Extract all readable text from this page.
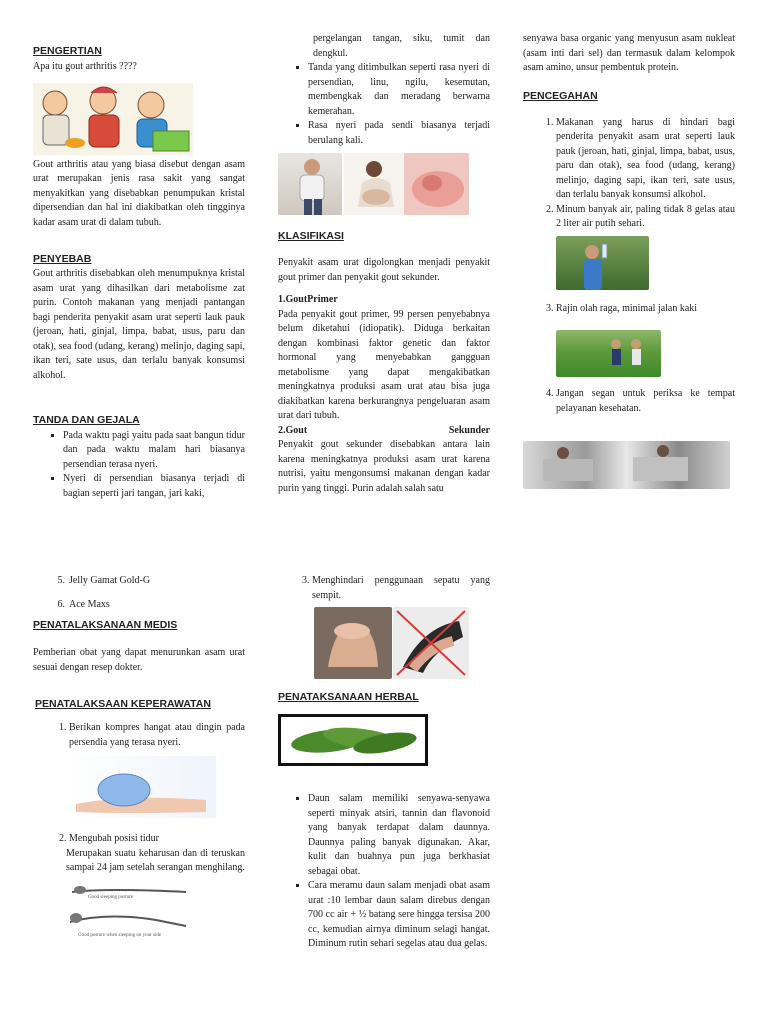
PENGERTIAN

Apa itu gout arthritis ????

Gout arthritis atau yang biasa disebut dengan asam urat merupakan jenis rasa sakit yang sangat menyakitkan yang disebabkan penumpukan kristal dipersendian dan hal ini diakibatkan oleh tingginya kadar asam urat di dalam tubuh.

PENYEBAB

Gout arthritis disebabkan oleh menumpuknya kristal asam urat yang dihasilkan dari metabolisme zat purin. Contoh makanan yang menjadi pantangan bagi penderita penyakit asam urat seperti lauk pauk (jeroan, hati, ginjal, limpa, babat, usus, paru dan otak), sea food (udang, kerang) melinjo, daging sapi, ikan teri, sate usus, dan terlalu banyak konsumsi alkohol.

TANDA DAN GEJALA
▪ Pada waktu pagi yaitu pada saat bangun tidur dan pada waktu malam hari biasanya persendian terasa nyeri.
▪ Nyeri di persendian biasanya terjadi di bagian seperti jari tangan, jari kaki,

pergelangan tangan, siku, tumit dan dengkul.

▪ Tanda yang ditimbulkan seperti rasa nyeri di persendian, linu, ngilu, kesemutan, membengkak dan meradang berwarna kemerahan.
▪ Rasa nyeri pada sendi biasanya terjadi berulang kali.
KLASIFIKASI

Penyakit asam urat digolongkan menjadi penyakit gout primer dan penyakit gout sekunder.

1.GoutPrimer

Pada penyakit gout primer, 99 persen penyebabnya belum diketahui (idiopatik). Diduga berkaitan dengan kombinasi faktor genetic dan faktor hormonal yang menyebabkan gangguan metabolisme yang dapat mengakibatkan meningkatnya produksi asam urat atau bisa juga diakibatkan karena berkurangnya pengeluaran asam urat dari tubuh.

2.Gout	Sekunder

Penyakit gout sekunder disebabkan antara lain karena meningkatnya produksi asam urat karena nutrisi, yaitu mengonsumsi makanan dengan kadar purin yang tinggi. Purin adalah salah satu

senyawa basa organic yang menyusun asam nukleat (asam inti dari sel) dan termasuk dalam kelompok asam amino, unsur pembentuk protein.

PENCEGAHAN
1. Makanan yang harus di hindari bagi penderita penyakit asam urat seperti lauk pauk (jeroan, hati, ginjal, limpa, babat, usus, paru dan otak), sea food (udang, kerang) melinjo, daging sapi, ikan teri, sate usus, dan terlalu banyak konsumsi alkohol.
2. Minum banyak air, paling tidak 8 gelas atau 2 liter air putih sehari.
3. Rajin olah raga, minimal jalan kaki
4. Jangan segan untuk periksa ke tempat pelayanan kesehatan.
5. Jelly Gamat Gold-G
6. Ace Maxs
PENATALAKSANAAN MEDIS

Pemberian obat yang dapat menurunkan asam urat sesuai dengan resep dokter.

PENATALAKSAAN KEPERAWATAN
1. Berikan kompres hangat atau dingin pada persendia yang terasa nyeri.
2. Mengubah posisi tidur

Merupakan suatu keharusan dan di teruskan sampai 24 jam setelah serangan menghilang.

Good sleeping posture
Good posture when sleeping on your side
3. Menghindari penggunaan sepatu yang sempit.
PENATAKSANAAN HERBAL
▪ Daun salam memiliki senyawa-senyawa seperti minyak atsiri, tannin dan flavonoid yang banyak terdapat dalam daunnya. Daunnya paling banyak digunakan. Akar, kulit dan buahnya pun juga berkhasiat sebagai obat.
▪ Cara meramu daun salam menjadi obat asam urat :10 lembar daun salam direbus dengan 700 cc air + ½ batang sere hingga tersisa 200 cc, kemudian airnya diminum selagi hangat. Diminum rutin sehari segelas atau dua gelas.
